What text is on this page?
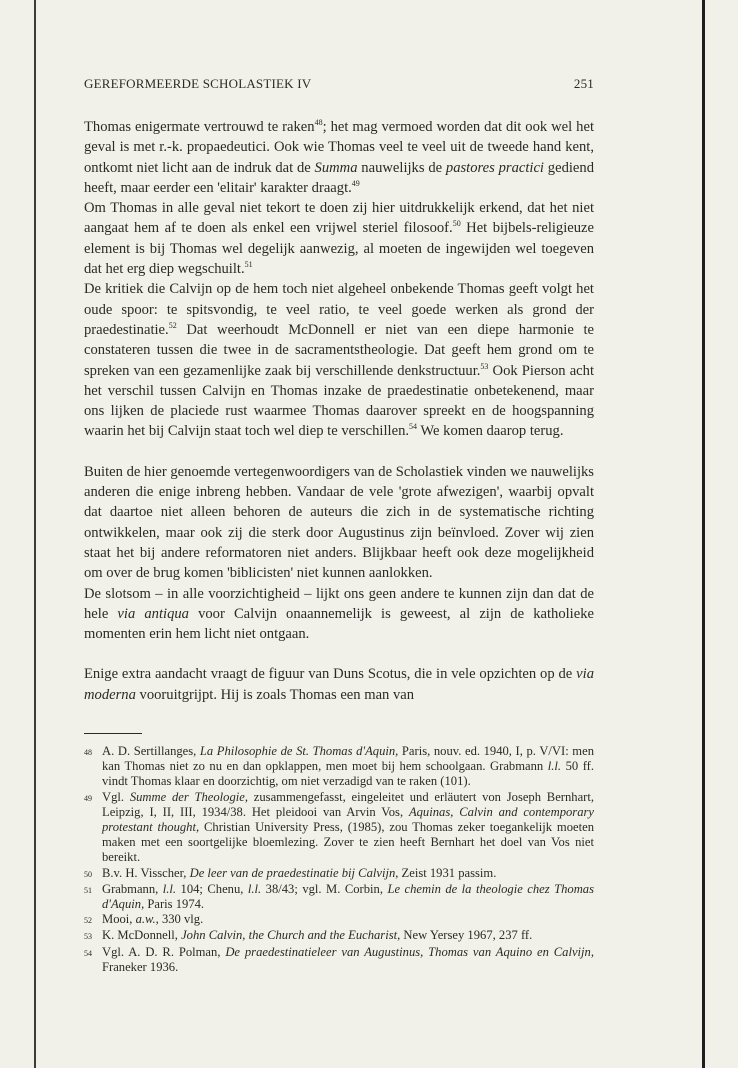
GEREFORMEERDE SCHOLASTIEK IV	251

Thomas enigermate vertrouwd te raken$^{48}$; het mag vermoed worden dat dit ook wel het geval is met r.-k. propaedeutici. Ook wie Thomas veel te veel uit de tweede hand kent, ontkomt niet licht aan de indruk dat de Summa nauwelijks de pastores practici gediend heeft, maar eerder een 'elitair' karakter draagt.$^{49}$

Om Thomas in alle geval niet tekort te doen zij hier uitdrukkelijk erkend, dat het niet aangaat hem af te doen als enkel een vrijwel steriel filosoof.$^{50}$ Het bijbels-religieuze element is bij Thomas wel degelijk aanwezig, al moeten de ingewijden wel toegeven dat het erg diep wegschuilt.$^{51}$

De kritiek die Calvijn op de hem toch niet algeheel onbekende Thomas geeft volgt het oude spoor: te spitsvondig, te veel ratio, te veel goede werken als grond der praedestinatie.$^{52}$ Dat weerhoudt McDonnell er niet van een diepe harmonie te constateren tussen die twee in de sacramentstheologie. Dat geeft hem grond om te spreken van een gezamenlijke zaak bij verschillende denkstructuur.$^{53}$ Ook Pierson acht het verschil tussen Calvijn en Thomas inzake de praedestinatie onbetekenend, maar ons lijken de placiede rust waarmee Thomas daarover spreekt en de hoogspanning waarin het bij Calvijn staat toch wel diep te verschillen.$^{54}$ We komen daarop terug.

Buiten de hier genoemde vertegenwoordigers van de Scholastiek vinden we nauwelijks anderen die enige inbreng hebben. Vandaar de vele 'grote afwezigen', waarbij opvalt dat daartoe niet alleen behoren de auteurs die zich in de systematische richting ontwikkelen, maar ook zij die sterk door Augustinus zijn beïnvloed. Zover wij zien staat het bij andere reformatoren niet anders. Blijkbaar heeft ook deze mogelijkheid om over de brug komen 'biblicisten' niet kunnen aanlokken.

De slotsom – in alle voorzichtigheid – lijkt ons geen andere te kunnen zijn dan dat de hele via antiqua voor Calvijn onaannemelijk is geweest, al zijn de katholieke momenten erin hem licht niet ontgaan.

Enige extra aandacht vraagt de figuur van Duns Scotus, die in vele opzichten op de via moderna vooruitgrijpt. Hij is zoals Thomas een man van

48 A. D. Sertillanges, La Philosophie de St. Thomas d'Aquin, Paris, nouv. ed. 1940, I, p. V/VI: men kan Thomas niet zo nu en dan opklappen, men moet bij hem schoolgaan. Grabmann l.l. 50 ff. vindt Thomas klaar en doorzichtig, om niet verzadigd van te raken (101).
49 Vgl. Summe der Theologie, zusammengefasst, eingeleitet und erläutert von Joseph Bernhart, Leipzig, I, II, III, 1934/38. Het pleidooi van Arvin Vos, Aquinas, Calvin and contemporary protestant thought, Christian University Press, (1985), zou Thomas zeker toegankelijk moeten maken met een soortgelijke bloemlezing. Zover te zien heeft Bernhart het doel van Vos niet bereikt.
50 B.v. H. Visscher, De leer van de praedestinatie bij Calvijn, Zeist 1931 passim.
51 Grabmann, l.l. 104; Chenu, l.l. 38/43; vgl. M. Corbin, Le chemin de la theologie chez Thomas d'Aquin, Paris 1974.
52 Mooi, a.w., 330 vlg.
53 K. McDonnell, John Calvin, the Church and the Eucharist, New Yersey 1967, 237 ff.
54 Vgl. A. D. R. Polman, De praedestinatieleer van Augustinus, Thomas van Aquino en Calvijn, Franeker 1936.
